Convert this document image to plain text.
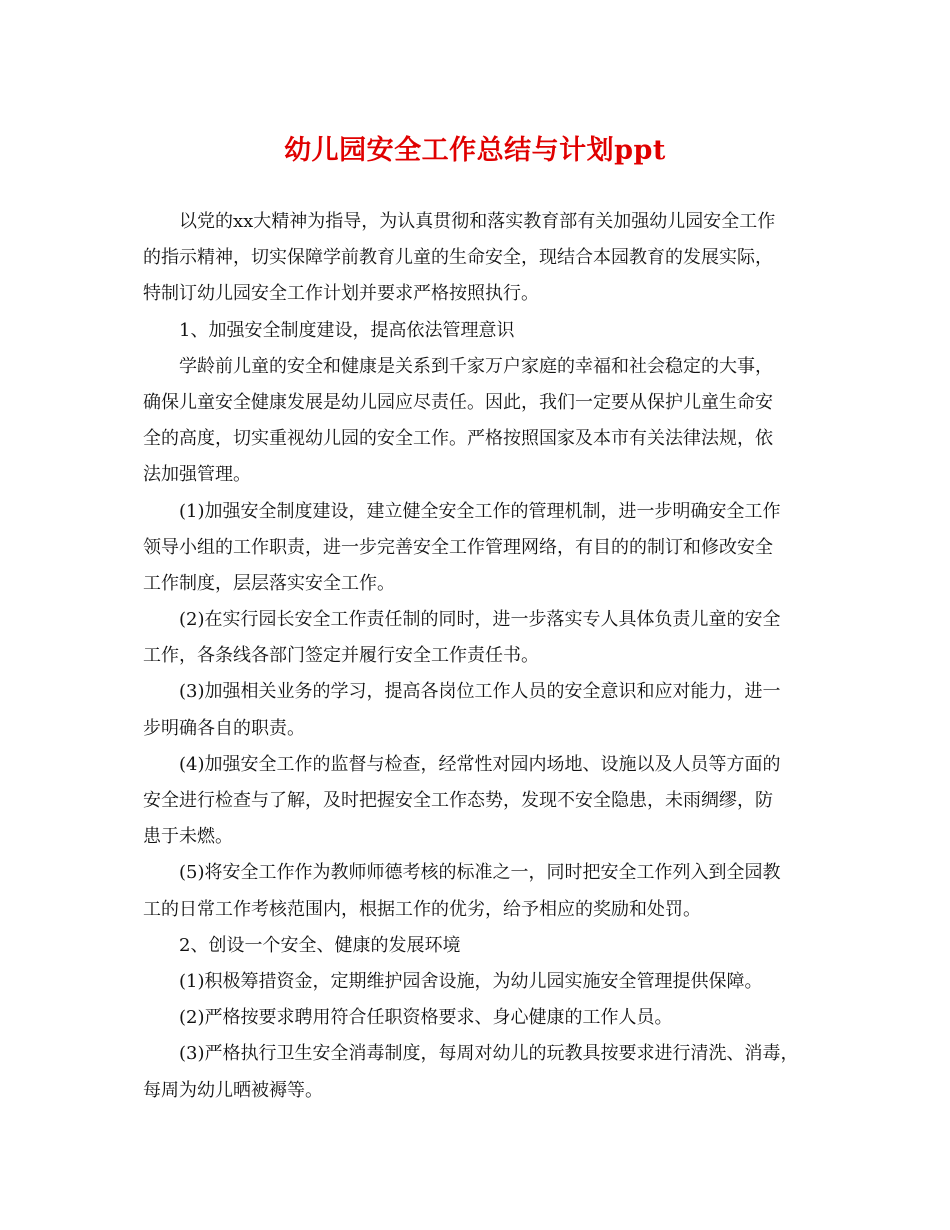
幼儿园安全工作总结与计划ppt
以党的xx大精神为指导，为认真贯彻和落实教育部有关加强幼儿园安全工作
的指示精神，切实保障学前教育儿童的生命安全，现结合本园教育的发展实际，
特制订幼儿园安全工作计划并要求严格按照执行。
1、加强安全制度建设，提高依法管理意识
学龄前儿童的安全和健康是关系到千家万户家庭的幸福和社会稳定的大事，
确保儿童安全健康发展是幼儿园应尽责任。因此，我们一定要从保护儿童生命安
全的高度，切实重视幼儿园的安全工作。严格按照国家及本市有关法律法规，依
法加强管理。
(1)加强安全制度建设，建立健全安全工作的管理机制，进一步明确安全工作
领导小组的工作职责，进一步完善安全工作管理网络，有目的的制订和修改安全
工作制度，层层落实安全工作。
(2)在实行园长安全工作责任制的同时，进一步落实专人具体负责儿童的安全
工作，各条线各部门签定并履行安全工作责任书。
(3)加强相关业务的学习，提高各岗位工作人员的安全意识和应对能力，进一
步明确各自的职责。
(4)加强安全工作的监督与检查，经常性对园内场地、设施以及人员等方面的
安全进行检查与了解，及时把握安全工作态势，发现不安全隐患，未雨绸缪，防
患于未燃。
(5)将安全工作作为教师师德考核的标准之一，同时把安全工作列入到全园教
工的日常工作考核范围内，根据工作的优劣，给予相应的奖励和处罚。
2、创设一个安全、健康的发展环境
(1)积极筹措资金，定期维护园舍设施，为幼儿园实施安全管理提供保障。
(2)严格按要求聘用符合任职资格要求、身心健康的工作人员。
(3)严格执行卫生安全消毒制度，每周对幼儿的玩教具按要求进行清洗、消毒，
每周为幼儿晒被褥等。
